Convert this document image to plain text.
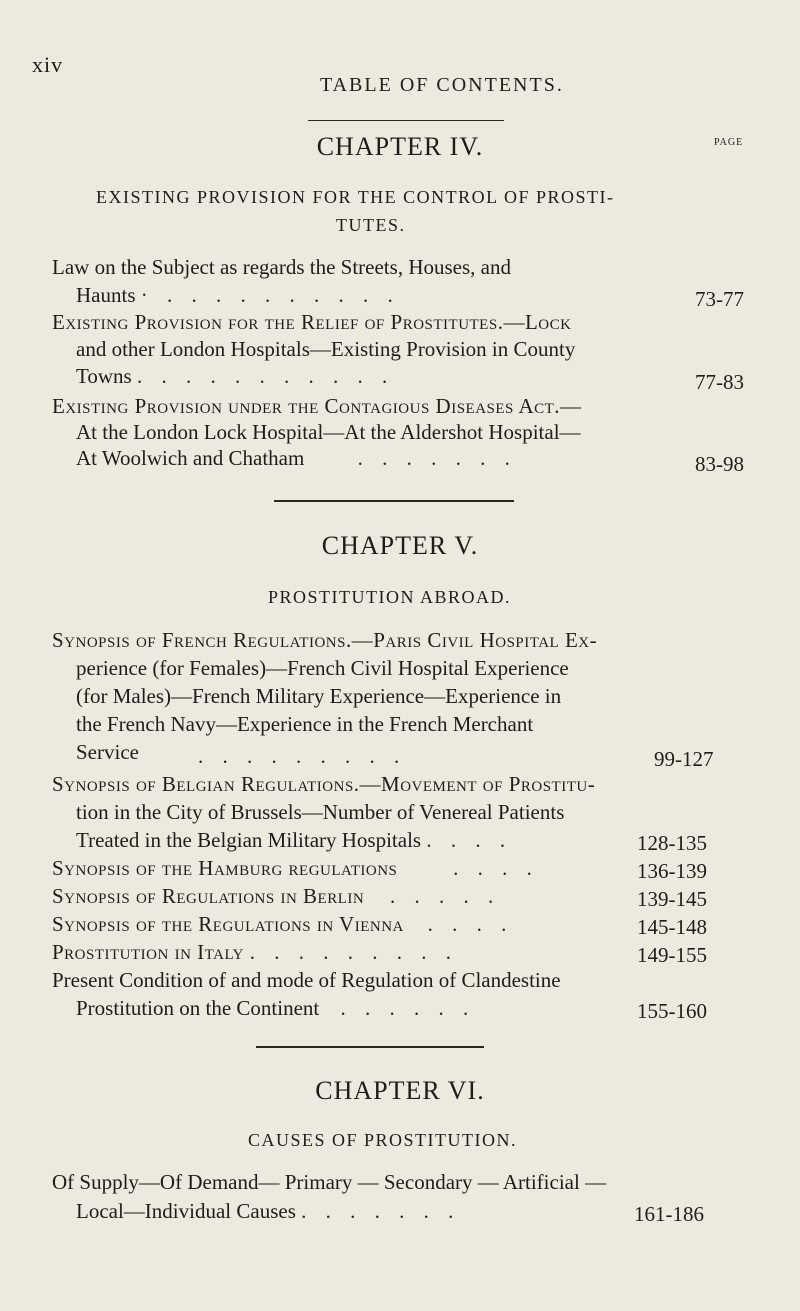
xiv
TABLE OF CONTENTS.
CHAPTER IV.	PAGE
EXISTING PROVISION FOR THE CONTROL OF PROSTI-
TUTES.
Law on the Subject as regards the Streets, Houses, and
Haunts · . . . . . . . . . .	73-77
Existing Provision for the Relief of Prostitutes.—Lock
and other London Hospitals—Existing Provision in County
Towns . . . . . . . . . . .	77-83
Existing Provision under the Contagious Diseases Act.—
At the London Lock Hospital—At the Aldershot Hospital—
At Woolwich and Chatham	. . . . . . .	83-98
CHAPTER V.
PROSTITUTION ABROAD.
Synopsis of French Regulations.—Paris Civil Hospital Ex-
perience (for Females)—French Civil Hospital Experience
(for Males)—French Military Experience—Experience in
the French Navy—Experience in the French Merchant
Service	. . . . . . . . .	99-127
Synopsis of Belgian Regulations.—Movement of Prostitu-
tion in the City of Brussels—Number of Venereal Patients
Treated in the Belgian Military Hospitals . . . .	128-135
Synopsis of the Hamburg regulations	. . . .	136-139
Synopsis of Regulations in Berlin . . . . .	139-145
Synopsis of the Regulations in Vienna . . . .	145-148
Prostitution in Italy . . . . . . . . .	149-155
Present Condition of and mode of Regulation of Clandestine
Prostitution on the Continent . . . . . .	155-160
CHAPTER VI.
CAUSES OF PROSTITUTION.
Of Supply—Of Demand— Primary — Secondary — Artificial —
Local—Individual Causes . . . . . . .	161-186
